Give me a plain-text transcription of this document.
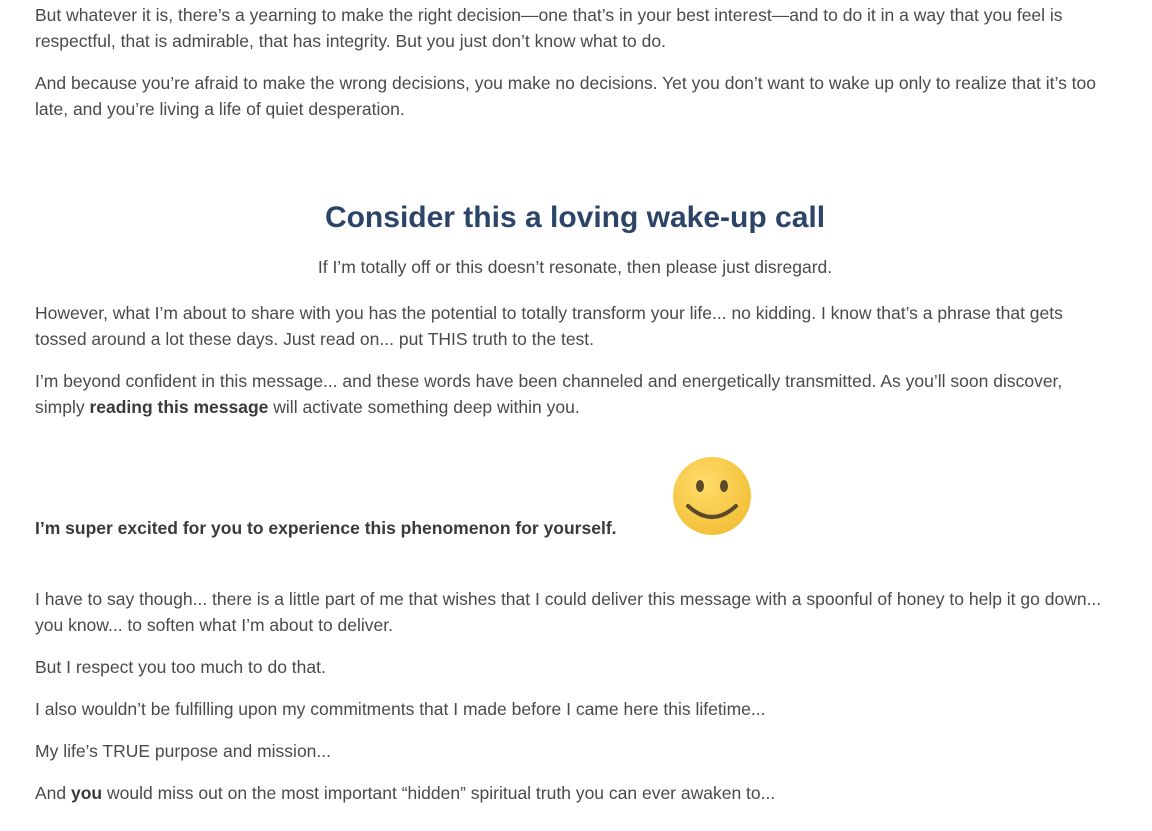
But whatever it is, there’s a yearning to make the right decision—one that’s in your best interest—and to do it in a way that you feel is respectful, that is admirable, that has integrity. But you just don’t know what to do.

And because you’re afraid to make the wrong decisions, you make no decisions. Yet you don’t want to wake up only to realize that it’s too late, and you’re living a life of quiet desperation.

Consider this a loving wake-up call

If I’m totally off or this doesn’t resonate, then please just disregard.

However, what I’m about to share with you has the potential to totally transform your life... no kidding. I know that’s a phrase that gets tossed around a lot these days. Just read on... put THIS truth to the test.

I’m beyond confident in this message... and these words have been channeled and energetically transmitted. As you’ll soon discover, simply reading this message will activate something deep within you.

I’m super excited for you to experience this phenomenon for yourself.

I have to say though... there is a little part of me that wishes that I could deliver this message with a spoonful of honey to help it go down... you know... to soften what I’m about to deliver.

But I respect you too much to do that.

I also wouldn’t be fulfilling upon my commitments that I made before I came here this lifetime...

My life’s TRUE purpose and mission...

And you would miss out on the most important “hidden” spiritual truth you can ever awaken to...
